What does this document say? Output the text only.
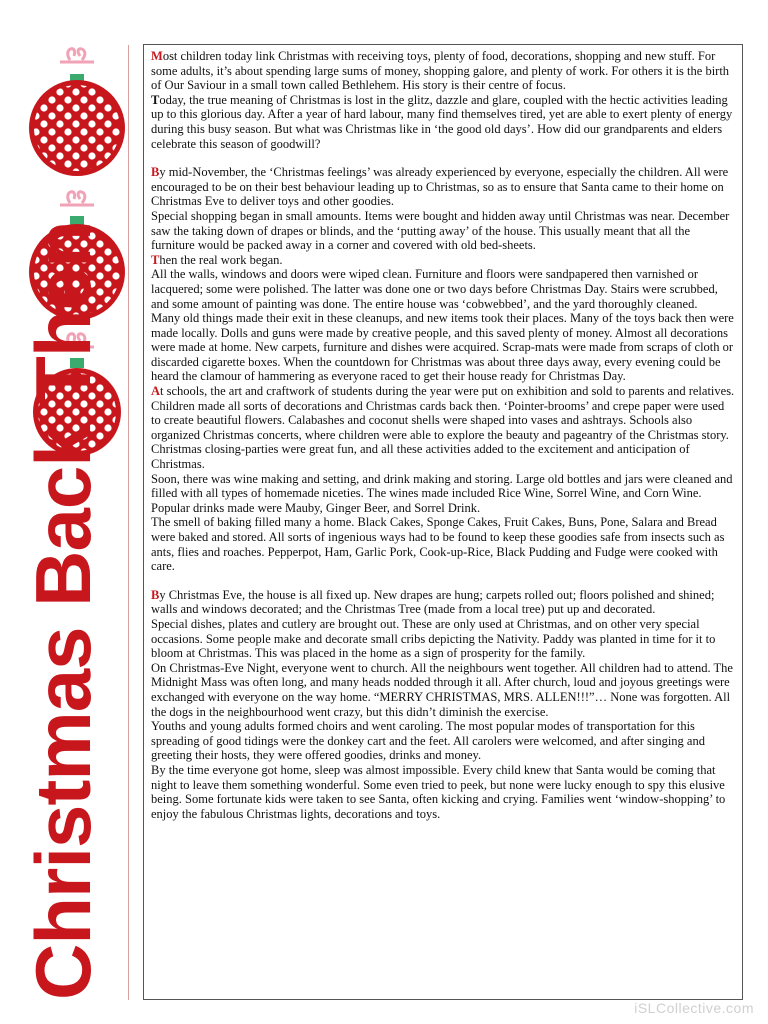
Christmas Back Then

Most children today link Christmas with receiving toys, plenty of food, decorations, shopping and new stuff. For some adults, it’s about spending large sums of money, shopping galore, and plenty of work. For others it is the birth of Our Saviour in a small town called Bethlehem. His story is their centre of focus.

Today, the true meaning of Christmas is lost in the glitz, dazzle and glare, coupled with the hectic activities leading up to this glorious day. After a year of hard labour, many find themselves tired, yet are able to exert plenty of energy during this busy season. But what was Christmas like in ‘the good old days’. How did our grandparents and elders celebrate this season of goodwill?

By mid-November, the ‘Christmas feelings’ was already experienced by everyone, especially the children. All were encouraged to be on their best behaviour leading up to Christmas, so as to ensure that Santa came to their home on Christmas Eve to deliver toys and other goodies.

Special shopping began in small amounts. Items were bought and hidden away until Christmas was near. December saw the taking down of drapes or blinds, and the ‘putting away’ of the house. This usually meant that all the furniture would be packed away in a corner and covered with old bed-sheets.

Then the real work began.

All the walls, windows and doors were wiped clean. Furniture and floors were sandpapered then varnished or lacquered; some were polished. The latter was done one or two days before Christmas Day. Stairs were scrubbed, and some amount of painting was done. The entire house was ‘cobwebbed’, and the yard thoroughly cleaned.

Many old things made their exit in these cleanups, and new items took their places. Many of the toys back then were made locally. Dolls and guns were made by creative people, and this saved plenty of money. Almost all decorations were made at home. New carpets, furniture and dishes were acquired. Scrap-mats were made from scraps of cloth or discarded cigarette boxes. When the countdown for Christmas was about three days away, every evening could be heard the clamour of hammering as everyone raced to get their house ready for Christmas Day.

At schools, the art and craftwork of students during the year were put on exhibition and sold to parents and relatives. Children made all sorts of decorations and Christmas cards back then. ‘Pointer-brooms’ and crepe paper were used to create beautiful flowers. Calabashes and coconut shells were shaped into vases and ashtrays. Schools also organized Christmas concerts, where children were able to explore the beauty and pageantry of the Christmas story. Christmas closing-parties were great fun, and all these activities added to the excitement and anticipation of Christmas.

Soon, there was wine making and setting, and drink making and storing. Large old bottles and jars were cleaned and filled with all types of homemade niceties. The wines made included Rice Wine, Sorrel Wine, and Corn Wine. Popular drinks made were Mauby, Ginger Beer, and Sorrel Drink.

The smell of baking filled many a home. Black Cakes, Sponge Cakes, Fruit Cakes, Buns, Pone, Salara and Bread were baked and stored. All sorts of ingenious ways had to be found to keep these goodies safe from insects such as ants, flies and roaches. Pepperpot, Ham, Garlic Pork, Cook-up-Rice, Black Pudding and Fudge were cooked with care.

By Christmas Eve, the house is all fixed up. New drapes are hung; carpets rolled out; floors polished and shined; walls and windows decorated; and the Christmas Tree (made from a local tree) put up and decorated.

Special dishes, plates and cutlery are brought out. These are only used at Christmas, and on other very special occasions. Some people make and decorate small cribs depicting the Nativity. Paddy was planted in time for it to bloom at Christmas. This was placed in the home as a sign of prosperity for the family.

On Christmas-Eve Night, everyone went to church. All the neighbours went together. All children had to attend. The Midnight Mass was often long, and many heads nodded through it all. After church, loud and joyous greetings were exchanged with everyone on the way home. “MERRY CHRISTMAS, MRS. ALLEN!!!”… None was forgotten. All the dogs in the neighbourhood went crazy, but this didn’t diminish the exercise.

Youths and young adults formed choirs and went caroling. The most popular modes of transportation for this spreading of good tidings were the donkey cart and the feet. All carolers were welcomed, and after singing and greeting their hosts, they were offered goodies, drinks and money.

By the time everyone got home, sleep was almost impossible. Every child knew that Santa would be coming that night to leave them something wonderful. Some even tried to peek, but none were lucky enough to spy this elusive being. Some fortunate kids were taken to see Santa, often kicking and crying. Families went ‘window-shopping’ to enjoy the fabulous Christmas lights, decorations and toys.

iSLCollective.com
